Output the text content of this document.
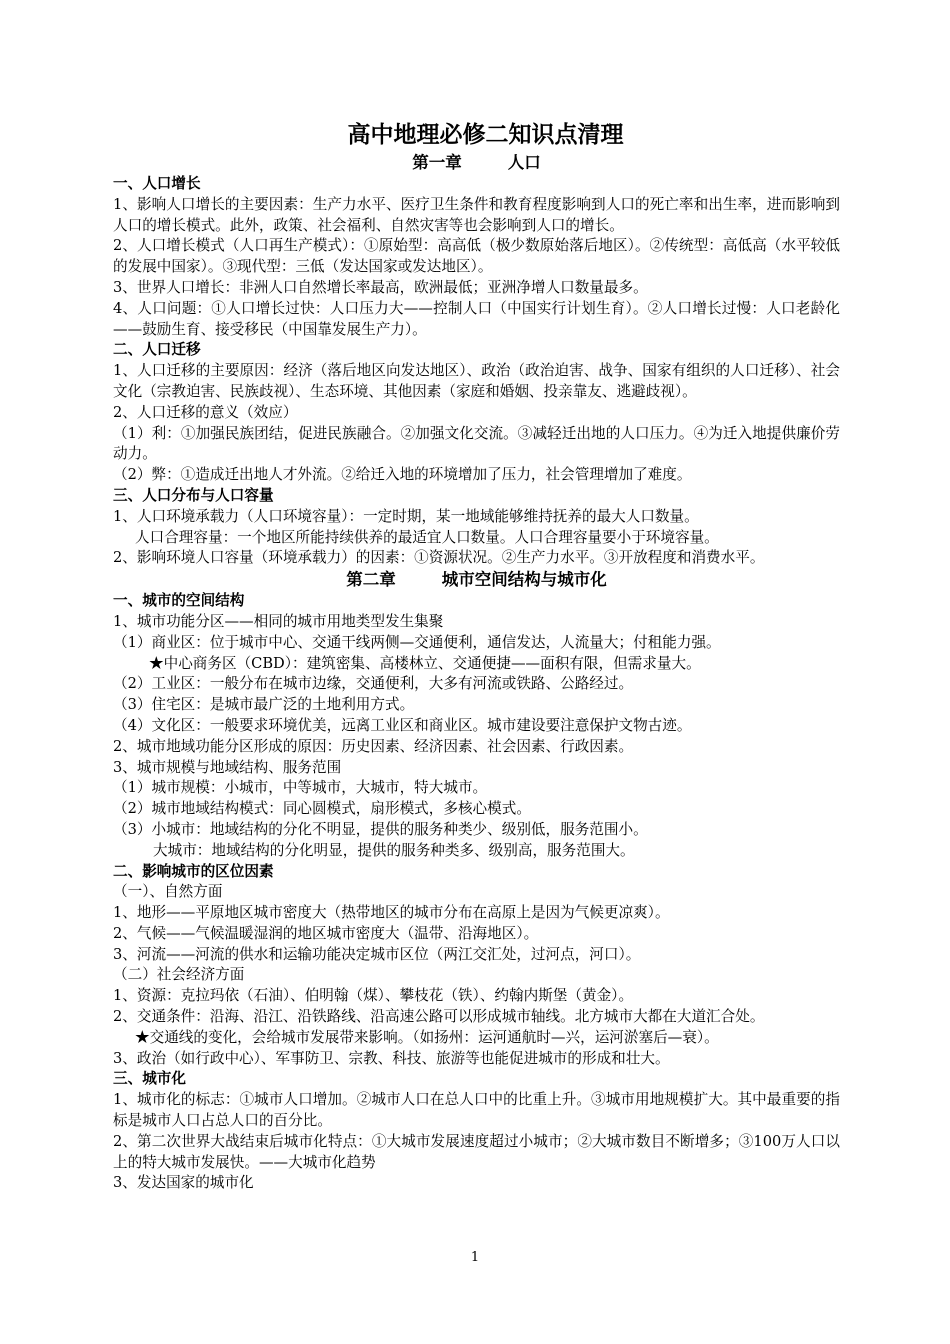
高中地理必修二知识点清理
第一章        人口
一、人口增长
1、影响人口增长的主要因素：生产力水平、医疗卫生条件和教育程度影响到人口的死亡率和出生率，进而影响到人口的增长模式。此外，政策、社会福利、自然灾害等也会影响到人口的增长。
2、人口增长模式（人口再生产模式）：①原始型：高高低（极少数原始落后地区）。②传统型：高低高（水平较低的发展中国家）。③现代型：三低（发达国家或发达地区）。
3、世界人口增长：非洲人口自然增长率最高，欧洲最低；亚洲净增人口数量最多。
4、人口问题：①人口增长过快：人口压力大——控制人口（中国实行计划生育）。②人口增长过慢：人口老龄化——鼓励生育、接受移民（中国靠发展生产力）。
二、人口迁移
1、人口迁移的主要原因：经济（落后地区向发达地区）、政治（政治迫害、战争、国家有组织的人口迁移）、社会文化（宗教迫害、民族歧视）、生态环境、其他因素（家庭和婚姻、投亲靠友、逃避歧视）。
2、人口迁移的意义（效应）
（1）利：①加强民族团结，促进民族融合。②加强文化交流。③减轻迁出地的人口压力。④为迁入地提供廉价劳动力。
（2）弊：①造成迁出地人才外流。②给迁入地的环境增加了压力，社会管理增加了难度。
三、人口分布与人口容量
1、人口环境承载力（人口环境容量）：一定时期，某一地域能够维持抚养的最大人口数量。
人口合理容量：一个地区所能持续供养的最适宜人口数量。人口合理容量要小于环境容量。
2、影响环境人口容量（环境承载力）的因素：①资源状况。②生产力水平。③开放程度和消费水平。
第二章        城市空间结构与城市化
一、城市的空间结构
1、城市功能分区——相同的城市用地类型发生集聚
（1）商业区：位于城市中心、交通干线两侧—交通便利，通信发达，人流量大；付租能力强。
★中心商务区（CBD）：建筑密集、高楼林立、交通便捷——面积有限，但需求量大。
（2）工业区：一般分布在城市边缘，交通便利，大多有河流或铁路、公路经过。
（3）住宅区：是城市最广泛的土地利用方式。
（4）文化区：一般要求环境优美，远离工业区和商业区。城市建设要注意保护文物古迹。
2、城市地域功能分区形成的原因：历史因素、经济因素、社会因素、行政因素。
3、城市规模与地域结构、服务范围
（1）城市规模：小城市，中等城市，大城市，特大城市。
（2）城市地域结构模式：同心圆模式，扇形模式，多核心模式。
（3）小城市：地域结构的分化不明显，提供的服务种类少、级别低，服务范围小。
大城市：地域结构的分化明显，提供的服务种类多、级别高，服务范围大。
二、影响城市的区位因素
（一）、自然方面
1、地形——平原地区城市密度大（热带地区的城市分布在高原上是因为气候更凉爽）。
2、气候——气候温暖湿润的地区城市密度大（温带、沿海地区）。
3、河流——河流的供水和运输功能决定城市区位（两江交汇处，过河点，河口）。
（二）社会经济方面
1、资源：克拉玛依（石油）、伯明翰（煤）、攀枝花（铁）、约翰内斯堡（黄金）。
2、交通条件：沿海、沿江、沿铁路线、沿高速公路可以形成城市轴线。北方城市大都在大道汇合处。
★交通线的变化，会给城市发展带来影响。（如扬州：运河通航时—兴，运河淤塞后—衰）。
3、政治（如行政中心）、军事防卫、宗教、科技、旅游等也能促进城市的形成和壮大。
三、城市化
1、城市化的标志：①城市人口增加。②城市人口在总人口中的比重上升。③城市用地规模扩大。其中最重要的指标是城市人口占总人口的百分比。
2、第二次世界大战结束后城市化特点：①大城市发展速度超过小城市；②大城市数目不断增多；③100万人口以上的特大城市发展快。——大城市化趋势
3、发达国家的城市化
1
